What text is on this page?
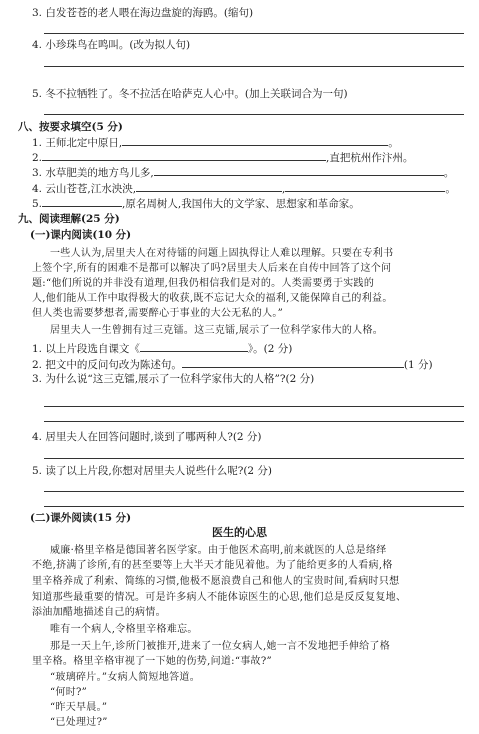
3. 白发苍苍的老人喂在海边盘旋的海鸥。(缩句)
4. 小珍珠鸟在鸣叫。(改为拟人句)
5. 冬不拉牺牲了。冬不拉活在哈萨克人心中。(加上关联词合为一句)
八、按要求填空(5 分)
1. 王师北定中原日,	。
2.	,直把杭州作汴州。
3. 水草肥美的地方鸟儿多,	。
4. 云山苍苍,江水泱泱,	,	。
5.	,原名周树人,我国伟大的文学家、思想家和革命家。
九、阅读理解(25 分)
(一)课内阅读(10 分)
一些人认为,居里夫人在对待镭的问题上固执得让人难以理解。只要在专利书
上签个字,所有的困难不是都可以解决了吗?居里夫人后来在自传中回答了这个问
题:“他们所说的并非没有道理,但我仍相信我们是对的。人类需要勇于实践的
人,他们能从工作中取得极大的收获,既不忘记大众的福利,又能保障自己的利益。
但人类也需要梦想者,需要醉心于事业的大公无私的人。”
居里夫人一生曾拥有过三克镭。这三克镭,展示了一位科学家伟大的人格。
1. 以上片段选自课文《	》。(2 分)
2. 把文中的反问句改为陈述句。	(1 分)
3. 为什么说“这三克镭,展示了一位科学家伟大的人格”?(2 分)
4. 居里夫人在回答问题时,谈到了哪两种人?(2 分)
5. 读了以上片段,你想对居里夫人说些什么呢?(2 分)
(二)课外阅读(15 分)
医生的心思
威廉·格里辛格是德国著名医学家。由于他医术高明,前来就医的人总是络绎
不绝,挤满了诊所,有的甚至要等上大半天才能见着他。为了能给更多的人看病,格
里辛格养成了利索、简练的习惯,他极不愿浪费自己和他人的宝贵时间,看病时只想
知道那些最重要的情况。可是许多病人不能体谅医生的心思,他们总是反反复复地、
添油加醋地描述自己的病情。
唯有一个病人,令格里辛格难忘。
那是一天上午,诊所门被推开,进来了一位女病人,她一言不发地把手伸给了格
里辛格。格里辛格审视了一下她的伤势,问道:“事故?”
“玻璃碎片。”女病人简短地答道。
“何时?”
“昨天早晨。”
“已处理过?”
